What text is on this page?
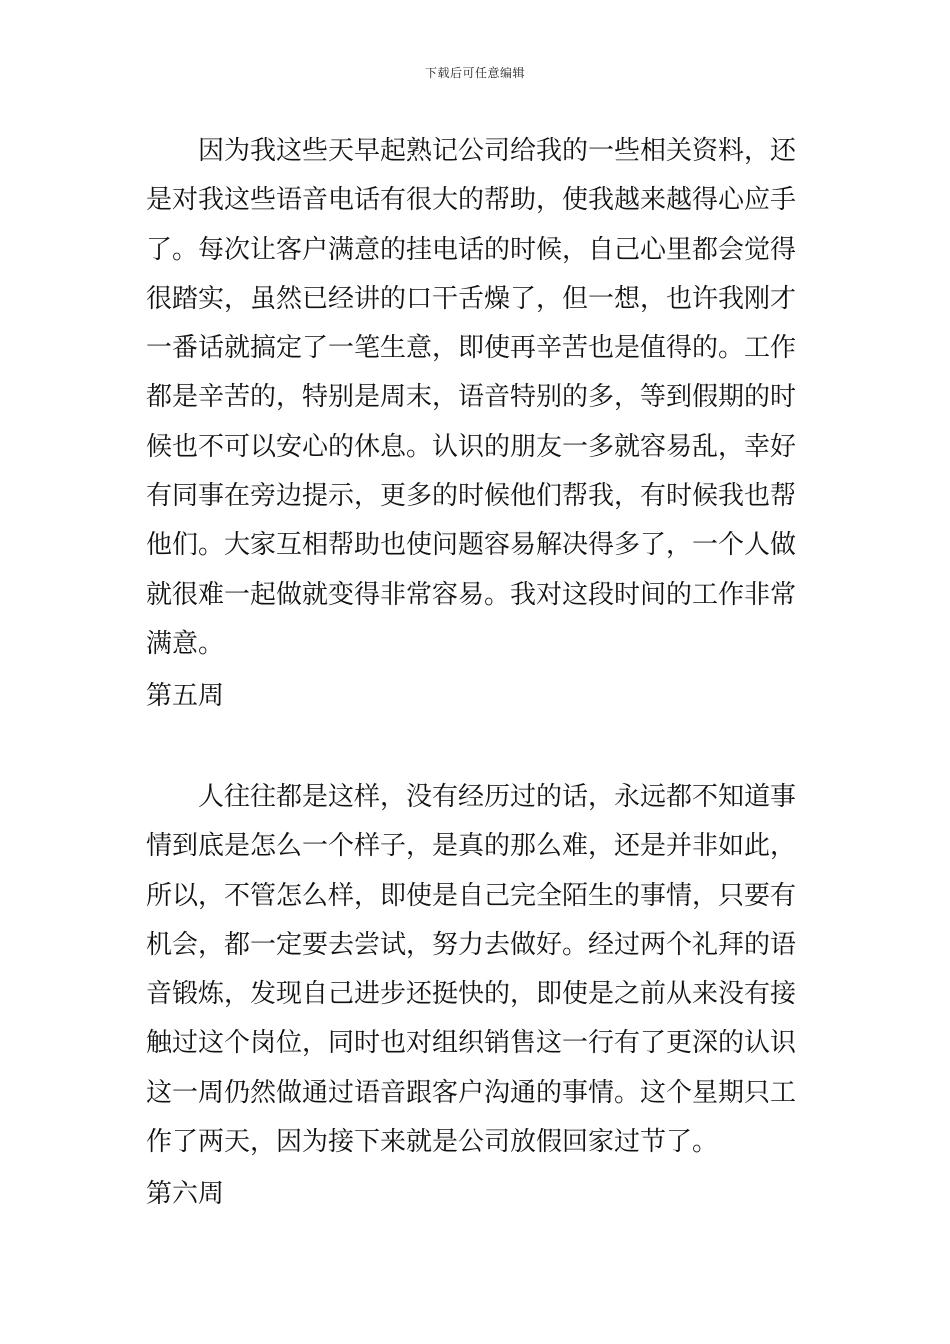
下载后可任意编辑

因为我这些天早起熟记公司给我的一些相关资料，还是对我这些语音电话有很大的帮助，使我越来越得心应手了。每次让客户满意的挂电话的时候，自己心里都会觉得很踏实，虽然已经讲的口干舌燥了，但一想，也许我刚才一番话就搞定了一笔生意，即使再辛苦也是值得的。工作都是辛苦的，特别是周末，语音特别的多，等到假期的时候也不可以安心的休息。认识的朋友一多就容易乱，幸好有同事在旁边提示，更多的时候他们帮我，有时候我也帮他们。大家互相帮助也使问题容易解决得多了，一个人做就很难一起做就变得非常容易。我对这段时间的工作非常满意。

第五周

人往往都是这样，没有经历过的话，永远都不知道事情到底是怎么一个样子，是真的那么难，还是并非如此，所以，不管怎么样，即使是自己完全陌生的事情，只要有机会，都一定要去尝试，努力去做好。经过两个礼拜的语音锻炼，发现自己进步还挺快的，即使是之前从来没有接触过这个岗位，同时也对组织销售这一行有了更深的认识这一周仍然做通过语音跟客户沟通的事情。这个星期只工作了两天，因为接下来就是公司放假回家过节了。

第六周
